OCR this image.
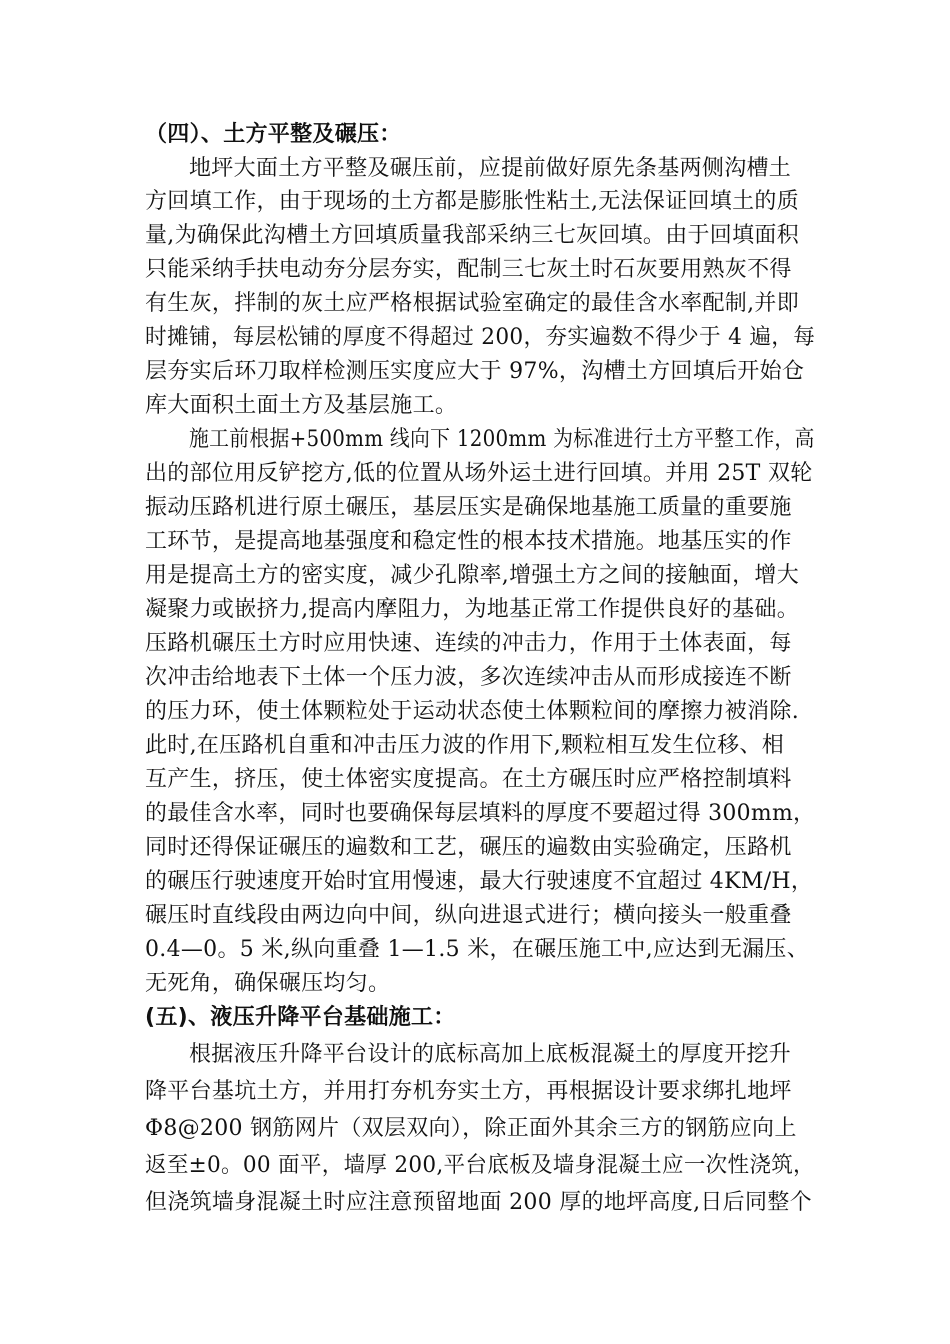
（四）、土方平整及碾压：
地坪大面土方平整及碾压前，应提前做好原先条基两侧沟槽土
方回填工作，由于现场的土方都是膨胀性粘土,无法保证回填土的质
量,为确保此沟槽土方回填质量我部采纳三七灰回填。由于回填面积
只能采纳手扶电动夯分层夯实，配制三七灰土时石灰要用熟灰不得
有生灰，拌制的灰土应严格根据试验室确定的最佳含水率配制,并即
时摊铺，每层松铺的厚度不得超过 200，夯实遍数不得少于 4 遍，每
层夯实后环刀取样检测压实度应大于 97%，沟槽土方回填后开始仓
库大面积土面土方及基层施工。
施工前根据+500mm 线向下 1200mm 为标准进行土方平整工作，高
出的部位用反铲挖方,低的位置从场外运土进行回填。并用 25T 双轮
振动压路机进行原土碾压，基层压实是确保地基施工质量的重要施
工环节，是提高地基强度和稳定性的根本技术措施。地基压实的作
用是提高土方的密实度，减少孔隙率,增强土方之间的接触面，增大
凝聚力或嵌挤力,提高内摩阻力，为地基正常工作提供良好的基础。
压路机碾压土方时应用快速、连续的冲击力，作用于土体表面，每
次冲击给地表下土体一个压力波，多次连续冲击从而形成接连不断
的压力环，使土体颗粒处于运动状态使土体颗粒间的摩擦力被消除.
此时,在压路机自重和冲击压力波的作用下,颗粒相互发生位移、相
互产生，挤压，使土体密实度提高。在土方碾压时应严格控制填料
的最佳含水率，同时也要确保每层填料的厚度不要超过得 300mm，
同时还得保证碾压的遍数和工艺，碾压的遍数由实验确定，压路机
的碾压行驶速度开始时宜用慢速，最大行驶速度不宜超过 4KM/H，
碾压时直线段由两边向中间，纵向进退式进行；横向接头一般重叠
0.4—0。5 米,纵向重叠 1—1.5 米，在碾压施工中,应达到无漏压、
无死角，确保碾压均匀。
(五)、液压升降平台基础施工：
根据液压升降平台设计的底标高加上底板混凝土的厚度开挖升
降平台基坑土方，并用打夯机夯实土方，再根据设计要求绑扎地坪
Φ8@200 钢筋网片（双层双向），除正面外其余三方的钢筋应向上
返至±0。00 面平，墙厚 200,平台底板及墙身混凝土应一次性浇筑，
但浇筑墙身混凝土时应注意预留地面 200 厚的地坪高度,日后同整个
